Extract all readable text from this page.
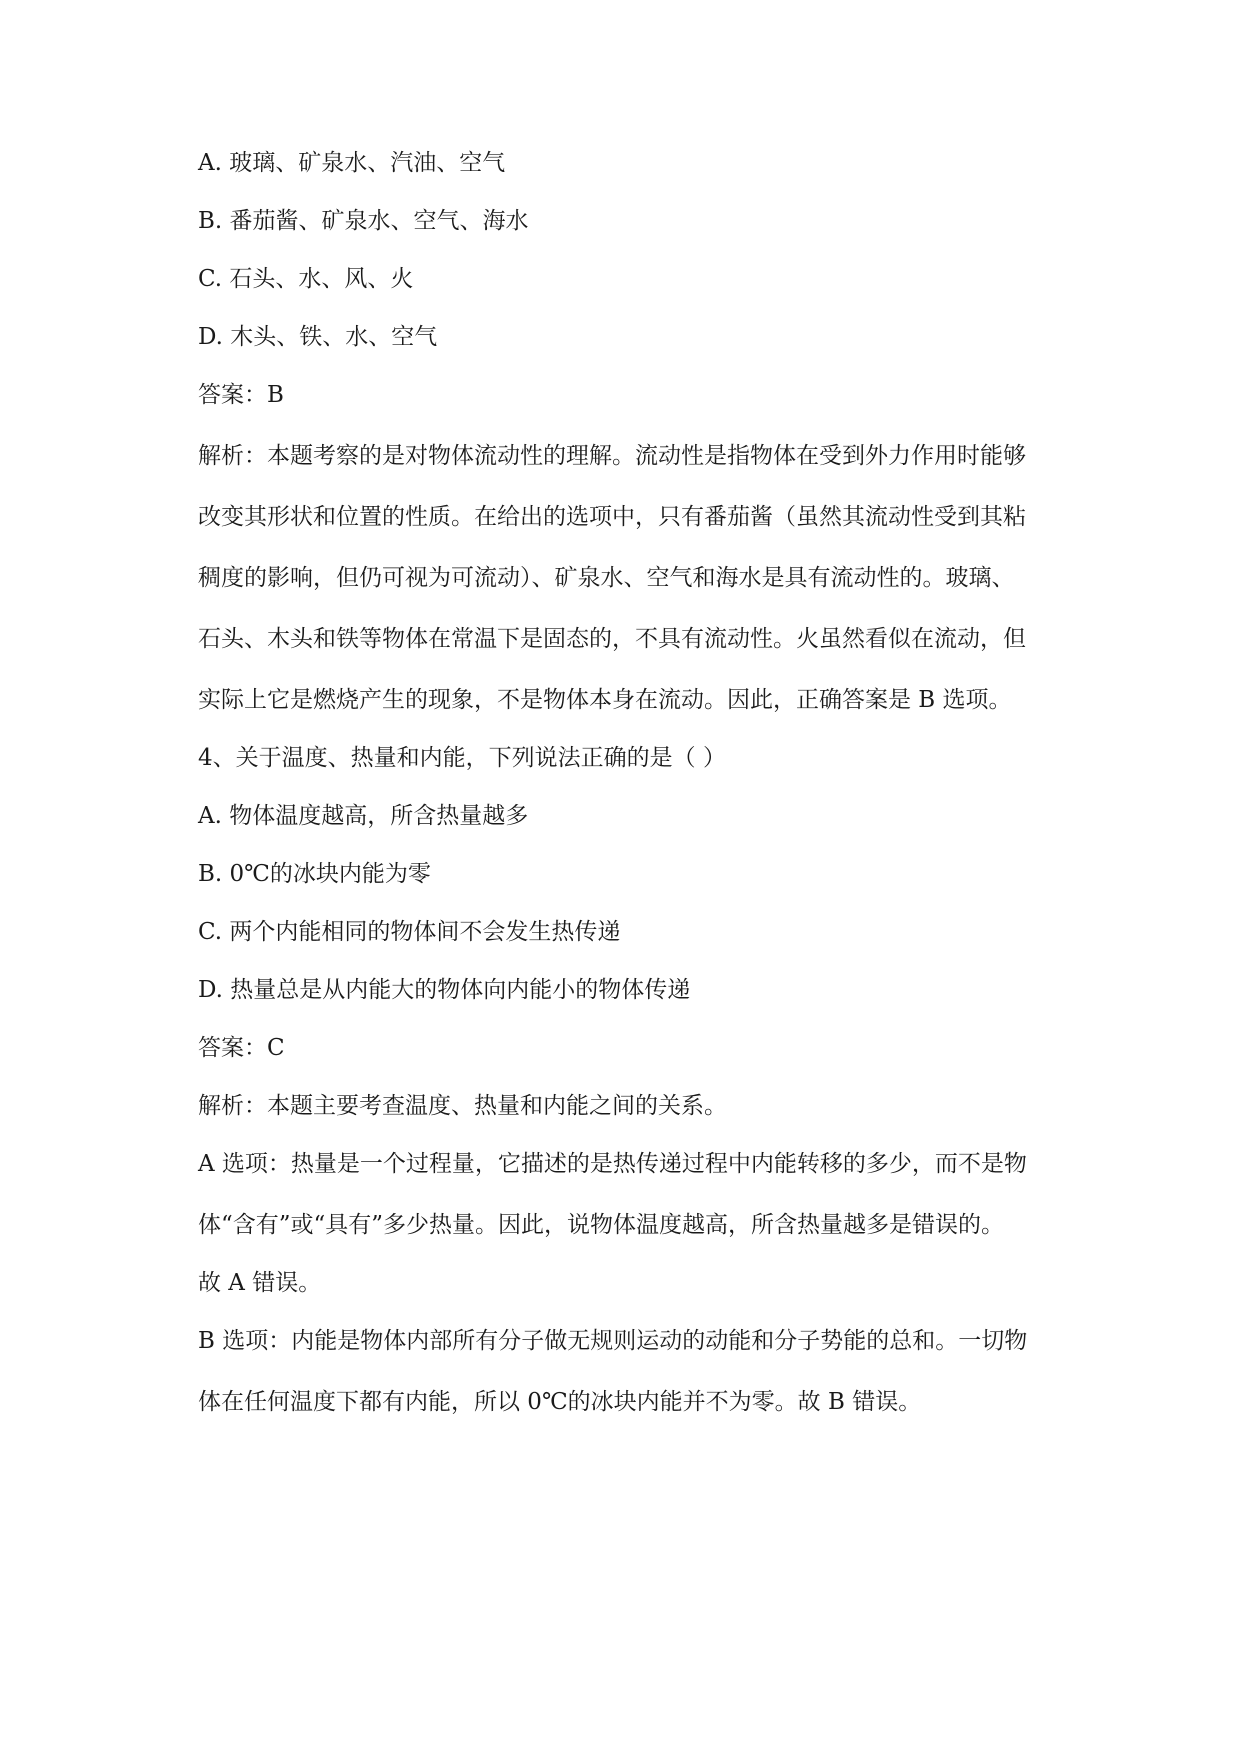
A. 玻璃、矿泉水、汽油、空气
B. 番茄酱、矿泉水、空气、海水
C. 石头、水、风、火
D. 木头、铁、水、空气
答案：B
解析：本题考察的是对物体流动性的理解。流动性是指物体在受到外力作用时能够
改变其形状和位置的性质。在给出的选项中，只有番茄酱（虽然其流动性受到其粘
稠度的影响，但仍可视为可流动）、矿泉水、空气和海水是具有流动性的。玻璃、
石头、木头和铁等物体在常温下是固态的，不具有流动性。火虽然看似在流动，但
实际上它是燃烧产生的现象，不是物体本身在流动。因此，正确答案是 B 选项。
4、关于温度、热量和内能，下列说法正确的是（ ）
A. 物体温度越高，所含热量越多
B. 0℃的冰块内能为零
C. 两个内能相同的物体间不会发生热传递
D. 热量总是从内能大的物体向内能小的物体传递
答案：C
解析：本题主要考查温度、热量和内能之间的关系。
A 选项：热量是一个过程量，它描述的是热传递过程中内能转移的多少，而不是物
体“含有”或“具有”多少热量。因此，说物体温度越高，所含热量越多是错误的。
故 A 错误。
B 选项：内能是物体内部所有分子做无规则运动的动能和分子势能的总和。一切物
体在任何温度下都有内能，所以 0℃的冰块内能并不为零。故 B 错误。
